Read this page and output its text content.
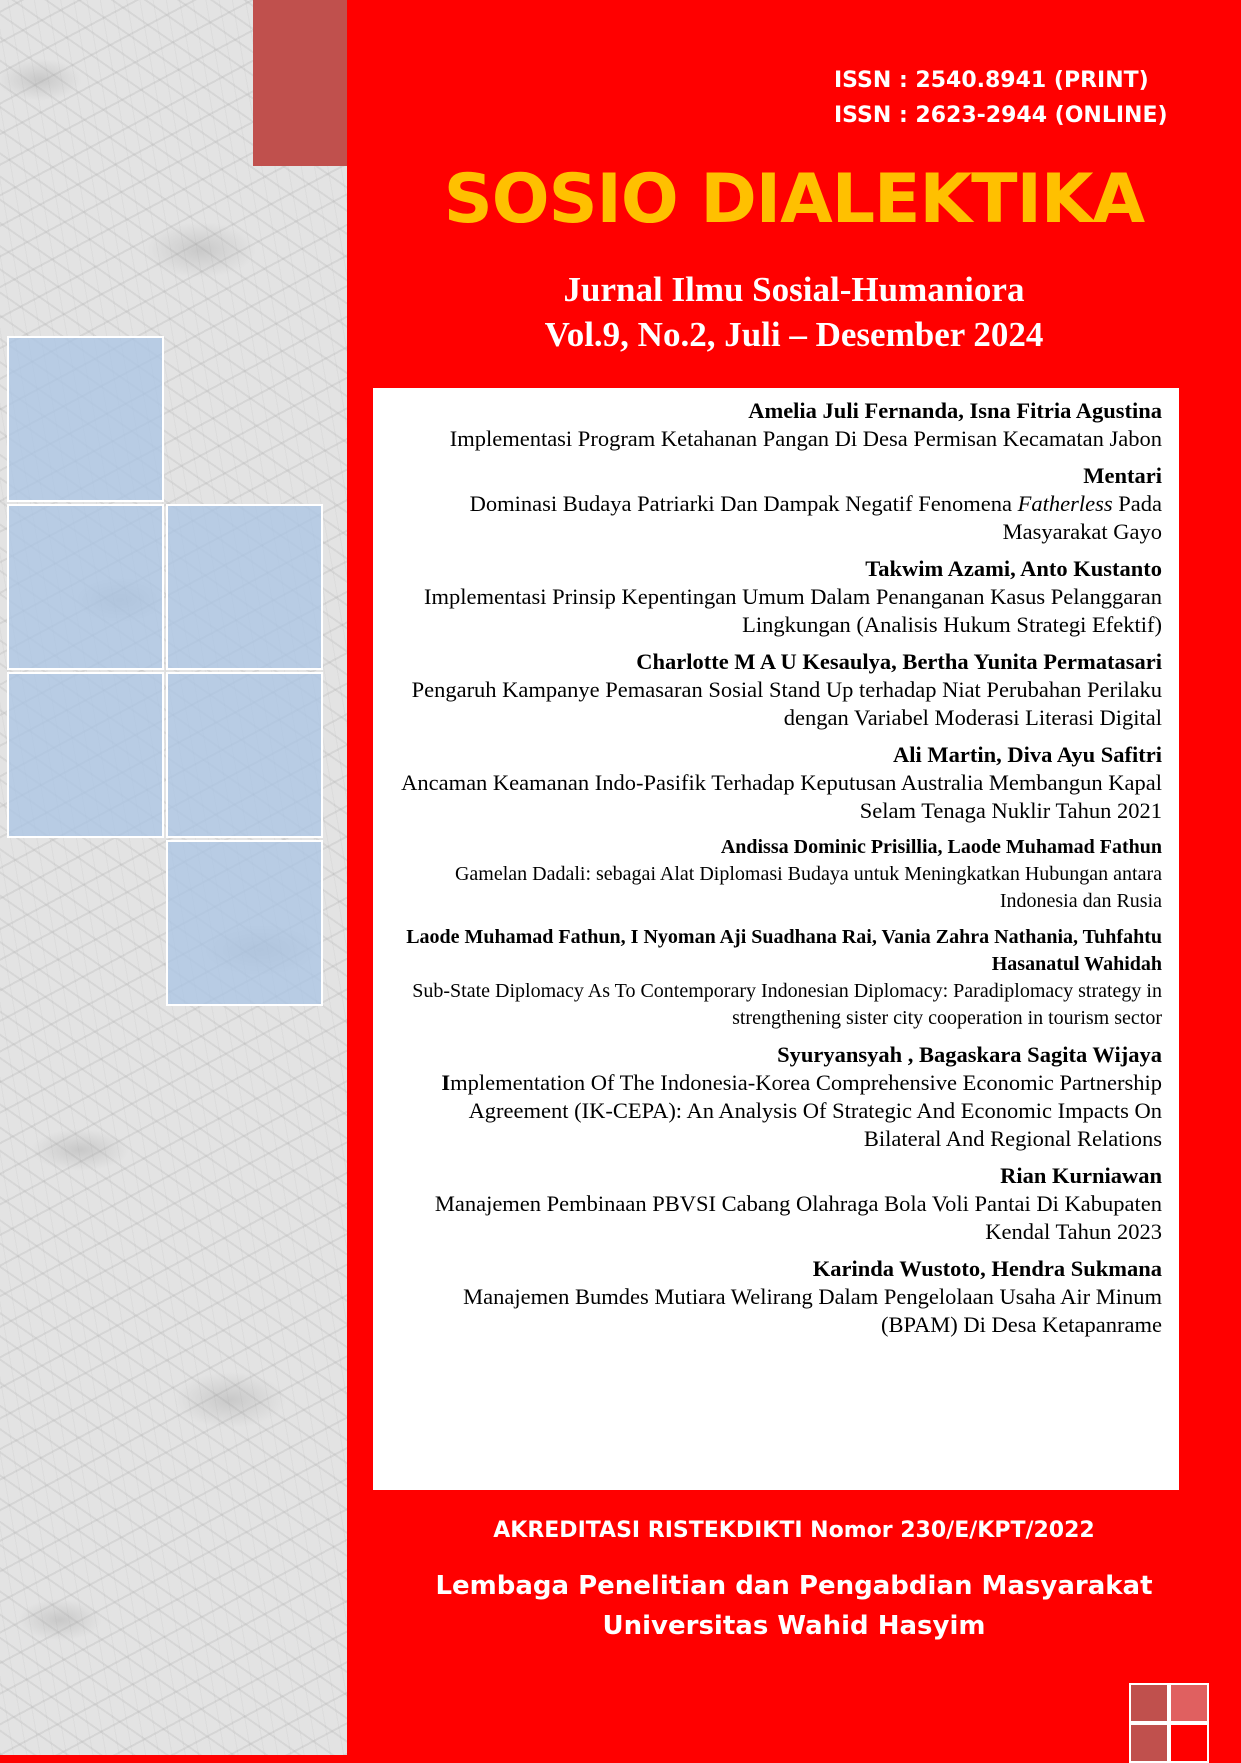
ISSN : 2540.8941 (PRINT)
ISSN : 2623-2944 (ONLINE)
SOSIO DIALEKTIKA
Jurnal Ilmu Sosial-Humaniora
Vol.9, No.2, Juli – Desember 2024
Amelia Juli Fernanda, Isna Fitria Agustina
Implementasi Program Ketahanan Pangan Di Desa Permisan Kecamatan Jabon
Mentari
Dominasi Budaya Patriarki Dan Dampak Negatif Fenomena Fatherless Pada Masyarakat Gayo
Takwim Azami, Anto Kustanto
Implementasi Prinsip Kepentingan Umum Dalam Penanganan Kasus Pelanggaran Lingkungan (Analisis Hukum Strategi Efektif)
Charlotte M A U Kesaulya, Bertha Yunita Permatasari
Pengaruh Kampanye Pemasaran Sosial Stand Up terhadap Niat Perubahan Perilaku dengan Variabel Moderasi Literasi Digital
Ali Martin, Diva Ayu Safitri
Ancaman Keamanan Indo-Pasifik Terhadap Keputusan Australia Membangun Kapal Selam Tenaga Nuklir Tahun 2021
Andissa Dominic Prisillia, Laode Muhamad Fathun
Gamelan Dadali: sebagai Alat Diplomasi Budaya untuk Meningkatkan Hubungan antara Indonesia dan Rusia
Laode Muhamad Fathun, I Nyoman Aji Suadhana Rai, Vania Zahra Nathania, Tuhfahtu Hasanatul Wahidah
Sub-State Diplomacy As To Contemporary Indonesian Diplomacy: Paradiplomacy strategy in strengthening sister city cooperation in tourism sector
Syuryansyah , Bagaskara Sagita Wijaya
Implementation Of The Indonesia-Korea Comprehensive Economic Partnership Agreement (IK-CEPA): An Analysis Of Strategic And Economic Impacts On Bilateral And Regional Relations
Rian Kurniawan
Manajemen Pembinaan PBVSI Cabang Olahraga Bola Voli Pantai Di Kabupaten Kendal Tahun 2023
Karinda Wustoto, Hendra Sukmana
Manajemen Bumdes Mutiara Welirang Dalam Pengelolaan Usaha Air Minum (BPAM) Di Desa Ketapanrame
AKREDITASI RISTEKDIKTI Nomor 230/E/KPT/2022
Lembaga Penelitian dan Pengabdian Masyarakat
Universitas Wahid Hasyim
